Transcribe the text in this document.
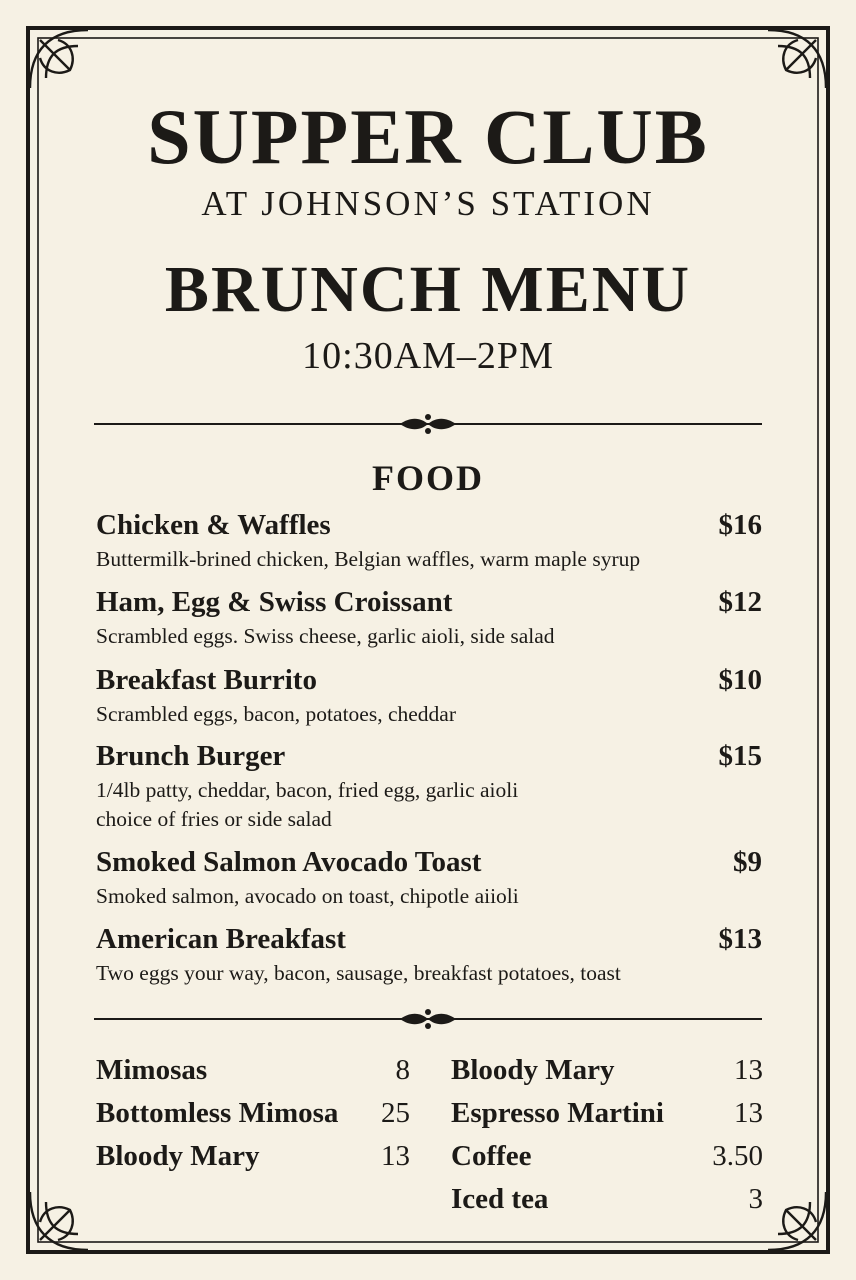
SUPPER CLUB
AT JOHNSON’S STATION
BRUNCH MENU
10:30AM–2PM
FOOD
Chicken & Waffles	$16
Buttermilk-brined chicken, Belgian waffles, warm maple syrup
Ham, Egg & Swiss Croissant	$12
Scrambled eggs. Swiss cheese, garlic aioli, side salad
Breakfast Burrito	$10
Scrambled eggs, bacon, potatoes, cheddar
Brunch Burger	$15
1/4lb patty, cheddar, bacon, fried egg, garlic aioli
choice of fries or side salad
Smoked Salmon Avocado Toast	$9
Smoked salmon, avocado on toast, chipotle aiioli
American Breakfast	$13
Two eggs your way, bacon, sausage, breakfast potatoes, toast
Mimosas	8
Bottomless Mimosa 25
Bloody Mary	13
Bloody Mary	13
Espresso Martini 13
Coffee	3.50
Iced tea	3
